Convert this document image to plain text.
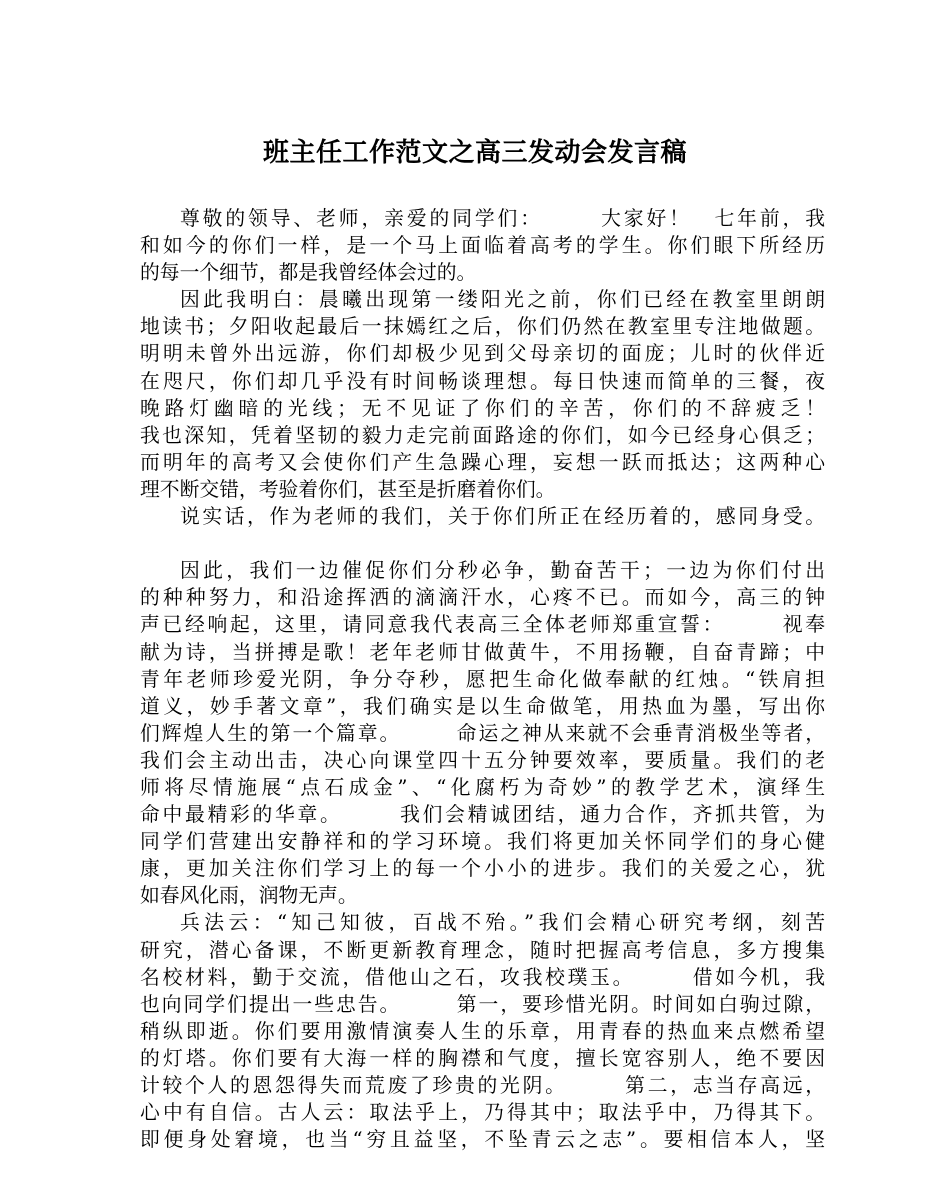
班主任工作范文之高三发动会发言稿
尊敬的领导、老师，亲爱的同学们：　　　大家好！　七年前，我
和如今的你们一样，是一个马上面临着高考的学生。你们眼下所经历
的每一个细节，都是我曾经体会过的。
因此我明白：晨曦出现第一缕阳光之前，你们已经在教室里朗朗
地读书；夕阳收起最后一抹嫣红之后，你们仍然在教室里专注地做题。
明明未曾外出远游，你们却极少见到父母亲切的面庞；儿时的伙伴近
在咫尺，你们却几乎没有时间畅谈理想。每日快速而简单的三餐，夜
晚路灯幽暗的光线；无不见证了你们的辛苦，你们的不辞疲乏！
我也深知，凭着坚韧的毅力走完前面路途的你们，如今已经身心俱乏；
而明年的高考又会使你们产生急躁心理，妄想一跃而抵达；这两种心
理不断交错，考验着你们，甚至是折磨着你们。
说实话，作为老师的我们，关于你们所正在经历着的，感同身受。
因此，我们一边催促你们分秒必争，勤奋苦干；一边为你们付出
的种种努力，和沿途挥洒的滴滴汗水，心疼不已。而如今，高三的钟
声已经响起，这里，请同意我代表高三全体老师郑重宣誓：　　　视奉
献为诗，当拼搏是歌！老年老师甘做黄牛，不用扬鞭，自奋青蹄；中
青年老师珍爱光阴，争分夺秒，愿把生命化做奉献的红烛。“铁肩担
道义，妙手著文章”，我们确实是以生命做笔，用热血为墨，写出你
们辉煌人生的第一个篇章。　　　命运之神从来就不会垂青消极坐等者，
我们会主动出击，决心向课堂四十五分钟要效率，要质量。我们的老
师将尽情施展“点石成金”、“化腐朽为奇妙”的教学艺术，演绎生
命中最精彩的华章。　　　我们会精诚团结，通力合作，齐抓共管，为
同学们营建出安静祥和的学习环境。我们将更加关怀同学们的身心健
康，更加关注你们学习上的每一个小小的进步。我们的关爱之心，犹
如春风化雨，润物无声。
兵法云：“知己知彼，百战不殆。”我们会精心研究考纲，刻苦
研究，潜心备课，不断更新教育理念，随时把握高考信息，多方搜集
名校材料，勤于交流，借他山之石，攻我校璞玉。　　　借如今机，我
也向同学们提出一些忠告。　　　第一，要珍惜光阴。时间如白驹过隙，
稍纵即逝。你们要用激情演奏人生的乐章，用青春的热血来点燃希望
的灯塔。你们要有大海一样的胸襟和气度，擅长宽容别人，绝不要因
计较个人的恩怨得失而荒废了珍贵的光阴。　　　第二，志当存高远，
心中有自信。古人云：取法乎上，乃得其中；取法乎中，乃得其下。
即便身处窘境，也当“穷且益坚，不坠青云之志”。要相信本人，坚
